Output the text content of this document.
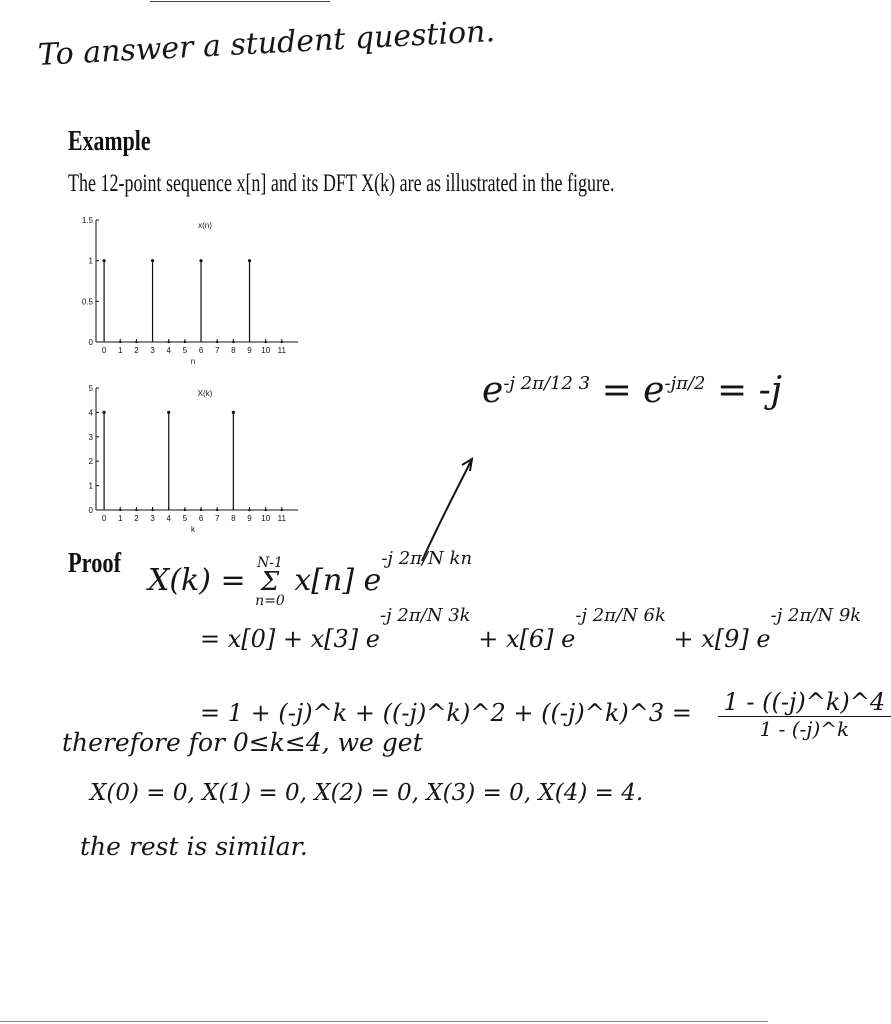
To answer a student question.
Example
The 12-point sequence x[n] and its DFT X(k) are as illustrated in the figure.
0
0.5
1
1.5
0 1 2 3 4 5 6 7 8 9 10 11
x(n)
n
0
1
2
3
4
5
0 1 2 3 4 5 6 7 8 9 10 11
X(k)
k
$e^{-j 2\pi/12 3} = e^{-j\pi/2} = -j$
Proof X(k) = N-1
Σ
n=0 x[n] $e^{-j 2\pi/N kn}$
= x[0] + x[3] $e^{-j 2\pi/N 3k} + x[6] e^{-j 2\pi/N 6k} + x[9]$ $e^{-j 2\pi/N 9k}$
= 1 + (-j)^k + ((-j)^k)^2 + ((-j)^k)^3 = $\frac{1 - ((-j)\^{}k)\^{}4}{1 - (-j)\^{}k}$
therefore for 0≤k≤4, we get
X(0) = 0, X(1) = 0, X(2) = 0, X(3) = 0, X(4) = 4.
the rest is similar.
